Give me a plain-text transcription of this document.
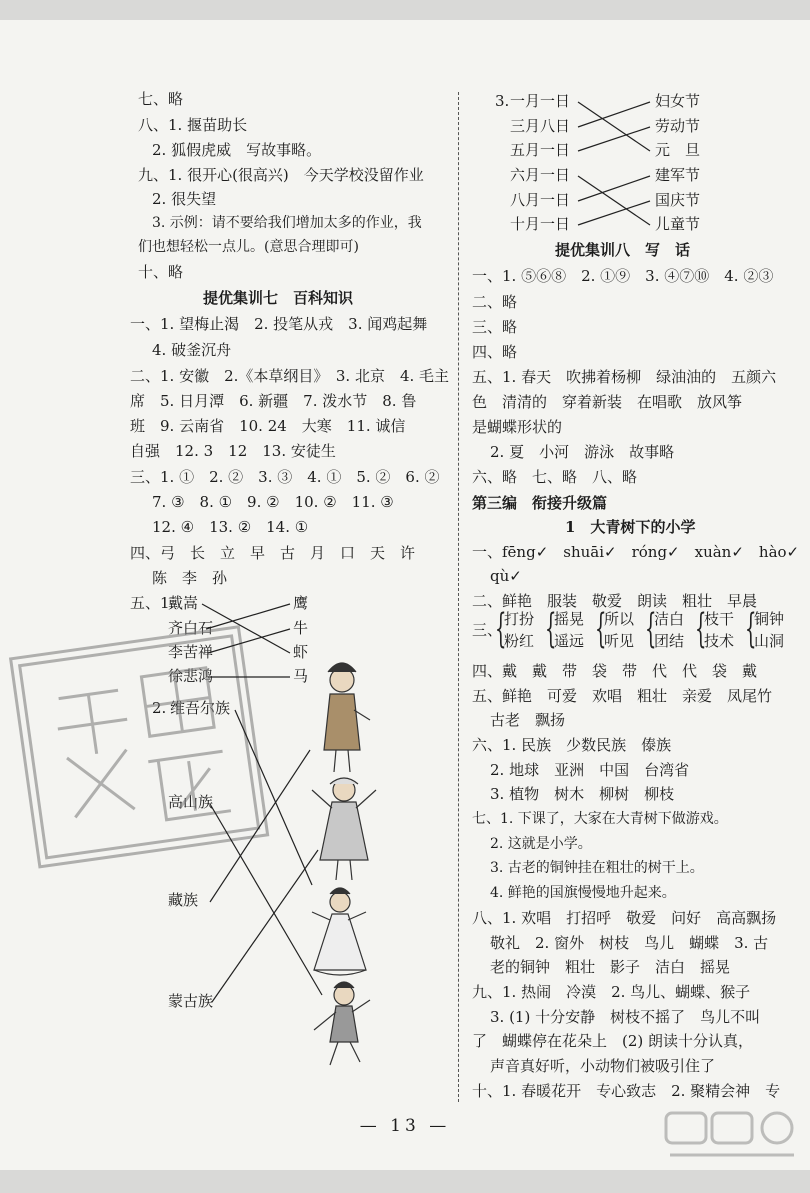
七、略
八、1. 揠苗助长
2. 狐假虎威　写故事略。
九、1. 很开心(很高兴)　今天学校没留作业
2. 很失望
3. 示例：请不要给我们增加太多的作业，我
们也想轻松一点儿。(意思合理即可)
十、略
提优集训七　百科知识
一、1. 望梅止渴　2. 投笔从戎　3. 闻鸡起舞
4. 破釜沉舟
二、1. 安徽　2.《本草纲目》　3. 北京　4. 毛主
席　5. 日月潭　6. 新疆　7. 泼水节　8. 鲁
班　9. 云南省　10. 24　大寒　11. 诚信
自强　12. 3　12　13. 安徒生
三、1. ①　2. ②　3. ③　4. ①　5. ②　6. ②
7. ③　8. ①　9. ②　10. ②　11. ③
12. ④　13. ②　14. ①
四、弓　长　立　早　古　月　口　天　许
陈　李　孙
五、1.
戴嵩
齐白石
李苦禅
徐悲鸿
鹰
牛
虾
马
2. 维吾尔族
高山族
藏族
蒙古族
3. 一月一日
三月八日
五月一日
六月一日
八月一日
十月一日
妇女节
劳动节
元　旦
建军节
国庆节
儿童节
提优集训八　写　话
一、1. ⑤⑥⑧　2. ①⑨　3. ④⑦⑩　4. ②③
二、略
三、略
四、略
五、1. 春天　吹拂着杨柳　绿油油的　五颜六
色　清清的　穿着新装　在唱歌　放风筝
是蝴蝶形状的
2. 夏　小河　游泳　故事略
六、略　七、略　八、略
第三编　衔接升级篇
1　大青树下的小学
一、fēng✓　shuāi✓　róng✓　xuàn✓　hào✓
qù✓
二、鲜艳　服装　敬爱　朗读　粗壮　早晨
三、
{
打扮
粉红 {
摇晃
遥远 {
所以
听见 {
洁白
团结 {
枝干
技术 {
铜钟
山洞
四、戴　戴　带　袋　带　代　代　袋　戴
五、鲜艳　可爱　欢唱　粗壮　亲爱　凤尾竹
古老　飘扬
六、1. 民族　少数民族　傣族
2. 地球　亚洲　中国　台湾省
3. 植物　树木　柳树　柳枝
七、1. 下课了，大家在大青树下做游戏。
2. 这就是小学。
3. 古老的铜钟挂在粗壮的树干上。
4. 鲜艳的国旗慢慢地升起来。
八、1. 欢唱　打招呼　敬爱　问好　高高飘扬
敬礼　2. 窗外　树枝　鸟儿　蝴蝶　3. 古
老的铜钟　粗壮　影子　洁白　摇晃
九、1. 热闹　冷漠　2. 鸟儿、蝴蝶、猴子
3. (1) 十分安静　树枝不摇了　鸟儿不叫
了　蝴蝶停在花朵上　(2) 朗读十分认真，
声音真好听，小动物们被吸引住了
十、1. 春暖花开　专心致志　2. 聚精会神　专
— 13 —
